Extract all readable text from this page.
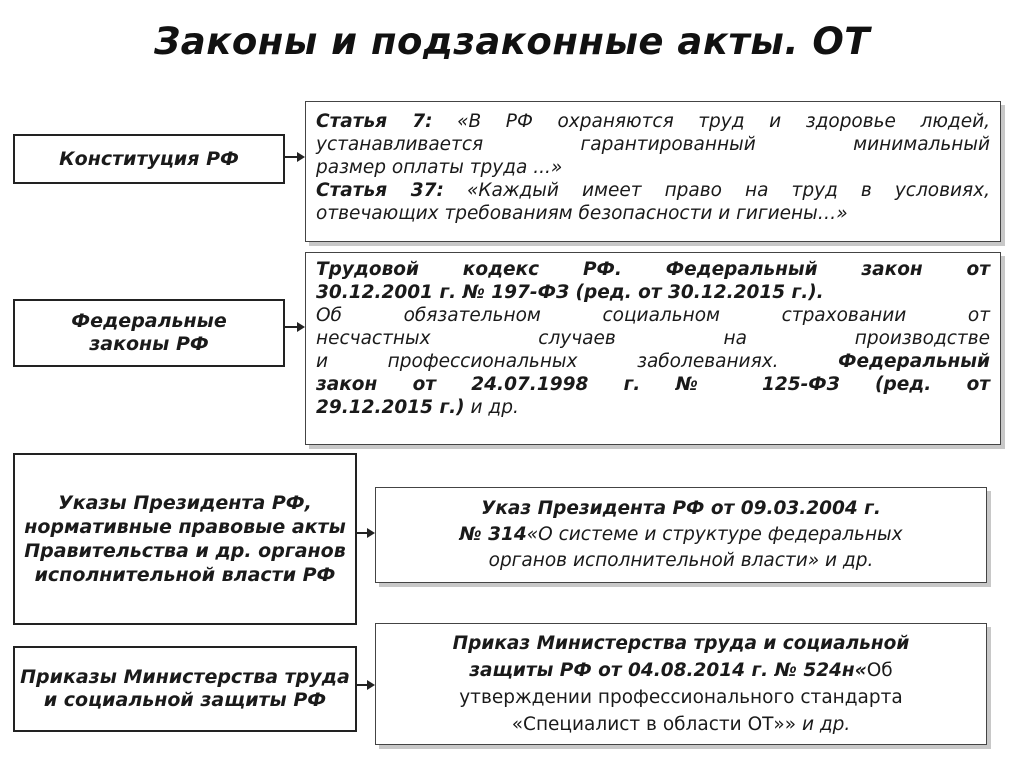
Законы и подзаконные акты. ОТ
Конституция РФ
Федеральные законы РФ
Указы Президента РФ, нормативные правовые акты Правительства и др. органов исполнительной власти РФ
Приказы Министерства труда и социальной защиты РФ
Статья 7: «В РФ охраняются труд и здоровье людей,
устанавливается гарантированный минимальный
размер оплаты труда ...»
Статья 37: «Каждый имеет право на труд в условиях,
отвечающих требованиям безопасности и гигиены…»
Трудовой кодекс РФ. Федеральный закон от
30.12.2001 г. № 197-ФЗ (ред. от 30.12.2015 г.).
Об обязательном социальном страховании от
несчастных случаев на производстве
и профессиональных заболеваниях.	Федеральный
закон от 24.07.1998 г. № 125-ФЗ (ред. от
29.12.2015 г.) и др.
Указ Президента РФ от 09.03.2004 г.
№ 314«О системе и структуре федеральных
органов исполнительной власти» и др.
Приказ Министерства труда и социальной
защиты РФ от 04.08.2014 г. № 524н«Об
утверждении профессионального стандарта
«Специалист в области ОТ»» и др.
